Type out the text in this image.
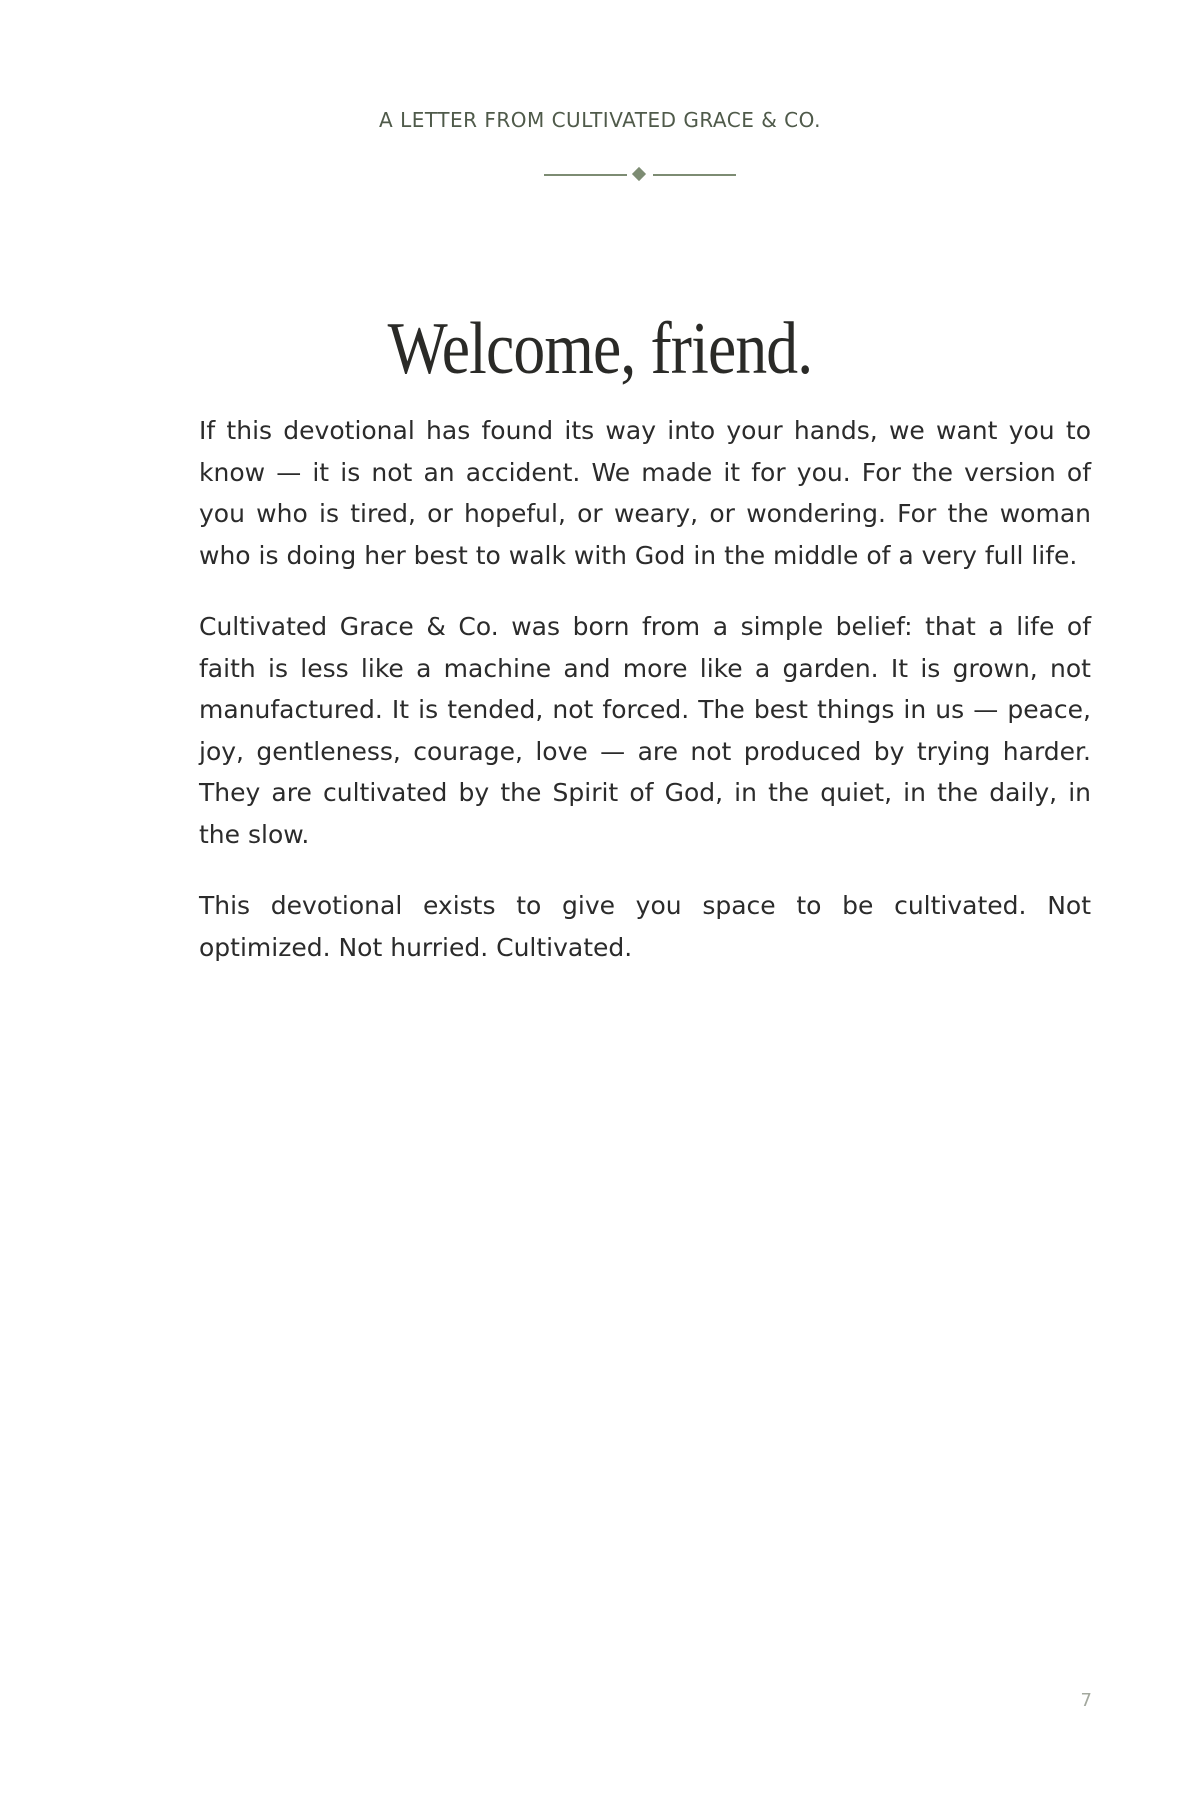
A LETTER FROM CULTIVATED GRACE & CO.
Welcome, friend.

If this devotional has found its way into your hands, we want you to know — it is not an accident. We made it for you. For the version of you who is tired, or hopeful, or weary, or wondering. For the woman who is doing her best to walk with God in the middle of a very full life.

Cultivated Grace & Co. was born from a simple belief: that a life of faith is less like a machine and more like a garden. It is grown, not manufactured. It is tended, not forced. The best things in us — peace, joy, gentleness, courage, love — are not produced by trying harder. They are cultivated by the Spirit of God, in the quiet, in the daily, in the slow.

This devotional exists to give you space to be cultivated. Not optimized. Not hurried. Cultivated.

7
